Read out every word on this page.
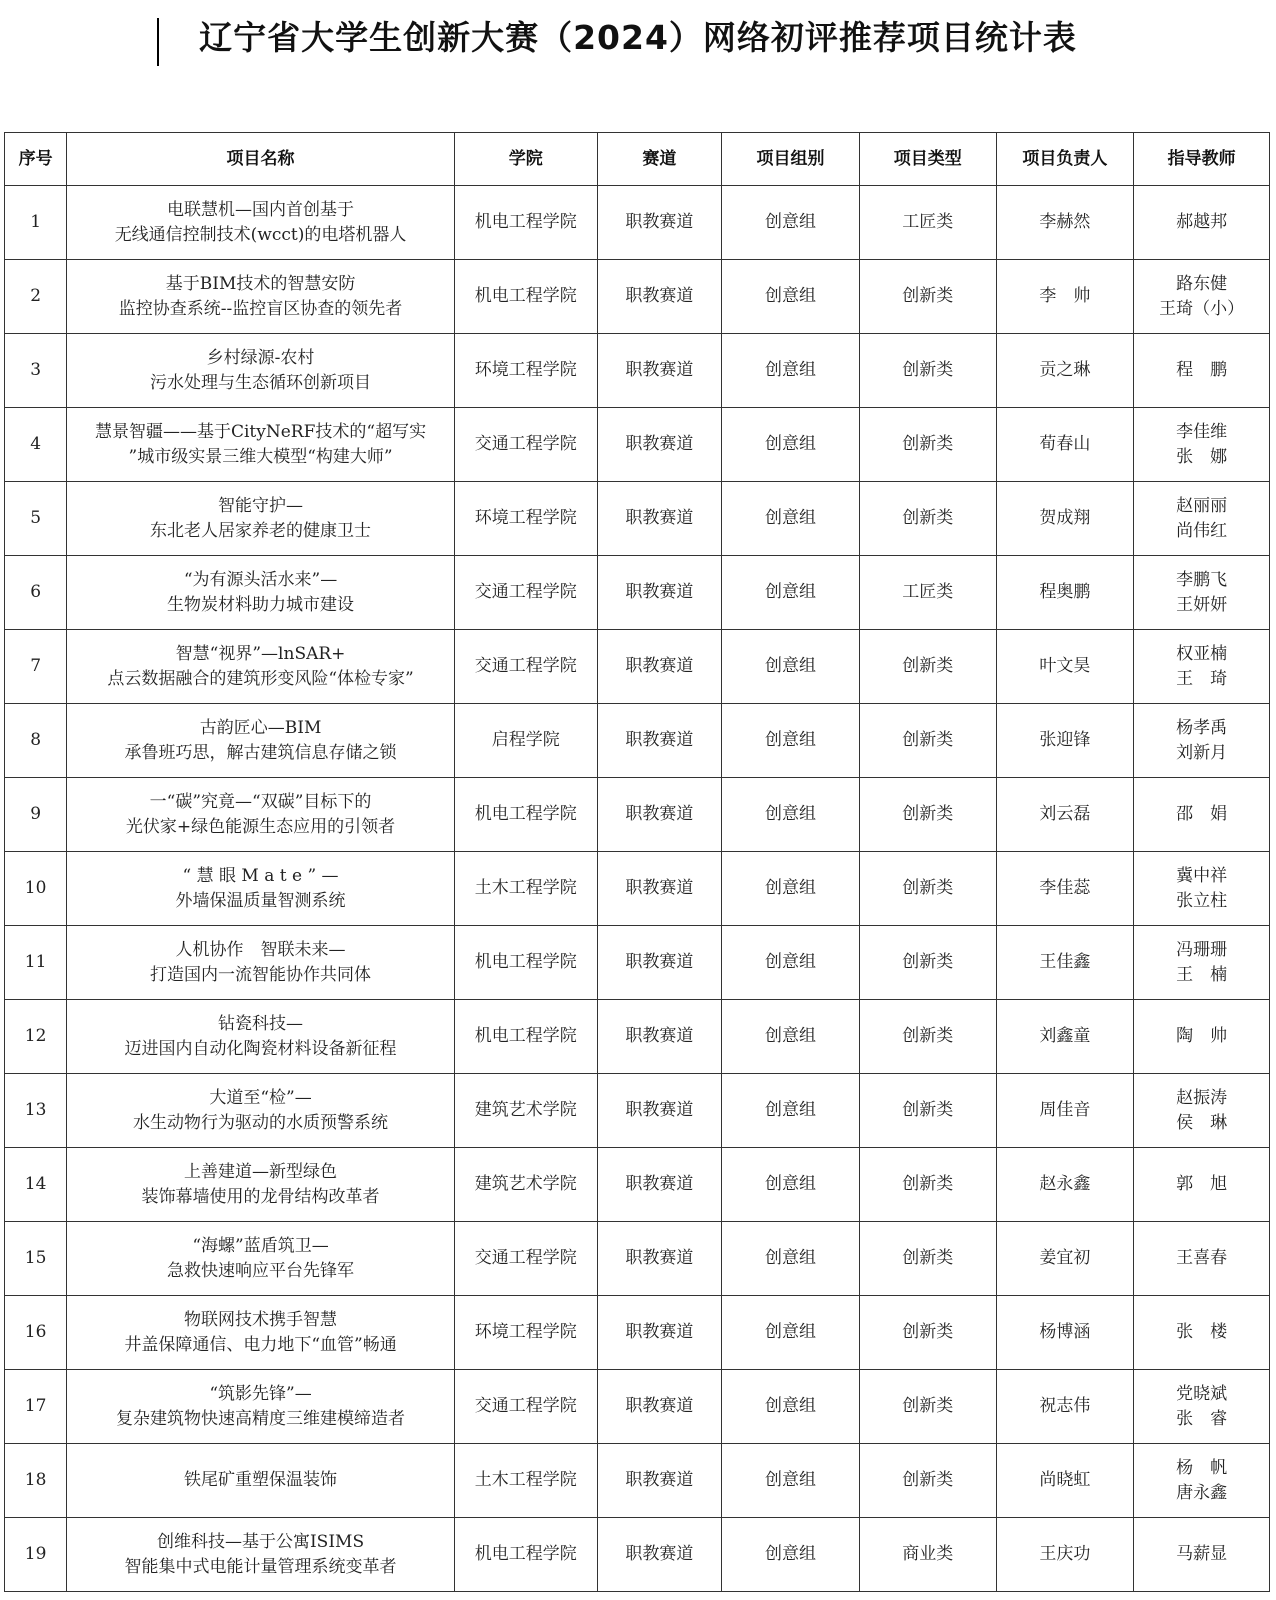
辽宁省大学生创新大赛（2024）网络初评推荐项目统计表
序号	项目名称	学院	赛道	项目组别	项目类型	项目负责人	指导教师
1	电联慧机—国内首创基于
无线通信控制技术(wcct)的电塔机器人	机电工程学院	职教赛道	创意组	工匠类	李赫然	郝越邦

2	基于BIM技术的智慧安防
监控协查系统--监控盲区协查的领先者	机电工程学院	职教赛道	创意组	创新类	李　帅	路东健
王琦（小）

3	乡村绿源-农村
污水处理与生态循环创新项目	环境工程学院	职教赛道	创意组	创新类	贡之琳	程　鹏

4	慧景智疆——基于CityNeRF技术的“超写实
”城市级实景三维大模型“构建大师”	交通工程学院	职教赛道	创意组	创新类	荀春山	李佳维
张　娜

5	智能守护—
东北老人居家养老的健康卫士	环境工程学院	职教赛道	创意组	创新类	贺成翔	赵丽丽
尚伟红

6	“为有源头活水来”—
生物炭材料助力城市建设	交通工程学院	职教赛道	创意组	工匠类	程奥鹏	李鹏飞
王妍妍

7	智慧“视界”—lnSAR+
点云数据融合的建筑形变风险“体检专家”	交通工程学院	职教赛道	创意组	创新类	叶文昊	权亚楠
王　琦

8	古韵匠心—BIM
承鲁班巧思，解古建筑信息存储之锁	启程学院	职教赛道	创意组	创新类	张迎锋	杨孝禹
刘新月

9	一“碳”究竟—“双碳”目标下的
光伏家+绿色能源生态应用的引领者	机电工程学院	职教赛道	创意组	创新类	刘云磊	邵　娟

10	“ 慧 眼 M a t e ” —
外墙保温质量智测系统	土木工程学院	职教赛道	创意组	创新类	李佳蕊	冀中祥
张立柱

11	人机协作　智联未来—
打造国内一流智能协作共同体	机电工程学院	职教赛道	创意组	创新类	王佳鑫	冯珊珊
王　楠

12	钻瓷科技—
迈进国内自动化陶瓷材料设备新征程	机电工程学院	职教赛道	创意组	创新类	刘鑫童	陶　帅

13	大道至“检”—
水生动物行为驱动的水质预警系统	建筑艺术学院	职教赛道	创意组	创新类	周佳音	赵振涛
侯　琳

14	上善建道—新型绿色
装饰幕墙使用的龙骨结构改革者	建筑艺术学院	职教赛道	创意组	创新类	赵永鑫	郭　旭

15	“海螺”蓝盾筑卫—
急救快速响应平台先锋军	交通工程学院	职教赛道	创意组	创新类	姜宜初	王喜春

16	物联网技术携手智慧
井盖保障通信、电力地下“血管”畅通	环境工程学院	职教赛道	创意组	创新类	杨博涵	张　楼

17	“筑影先锋”—
复杂建筑物快速高精度三维建模缔造者	交通工程学院	职教赛道	创意组	创新类	祝志伟	党晓斌
张　睿

18	铁尾矿重塑保温装饰	土木工程学院	职教赛道	创意组	创新类	尚晓虹	杨　帆
唐永鑫

19	创维科技—基于公寓ISIMS
智能集中式电能计量管理系统变革者	机电工程学院	职教赛道	创意组	商业类	王庆功	马薪显
